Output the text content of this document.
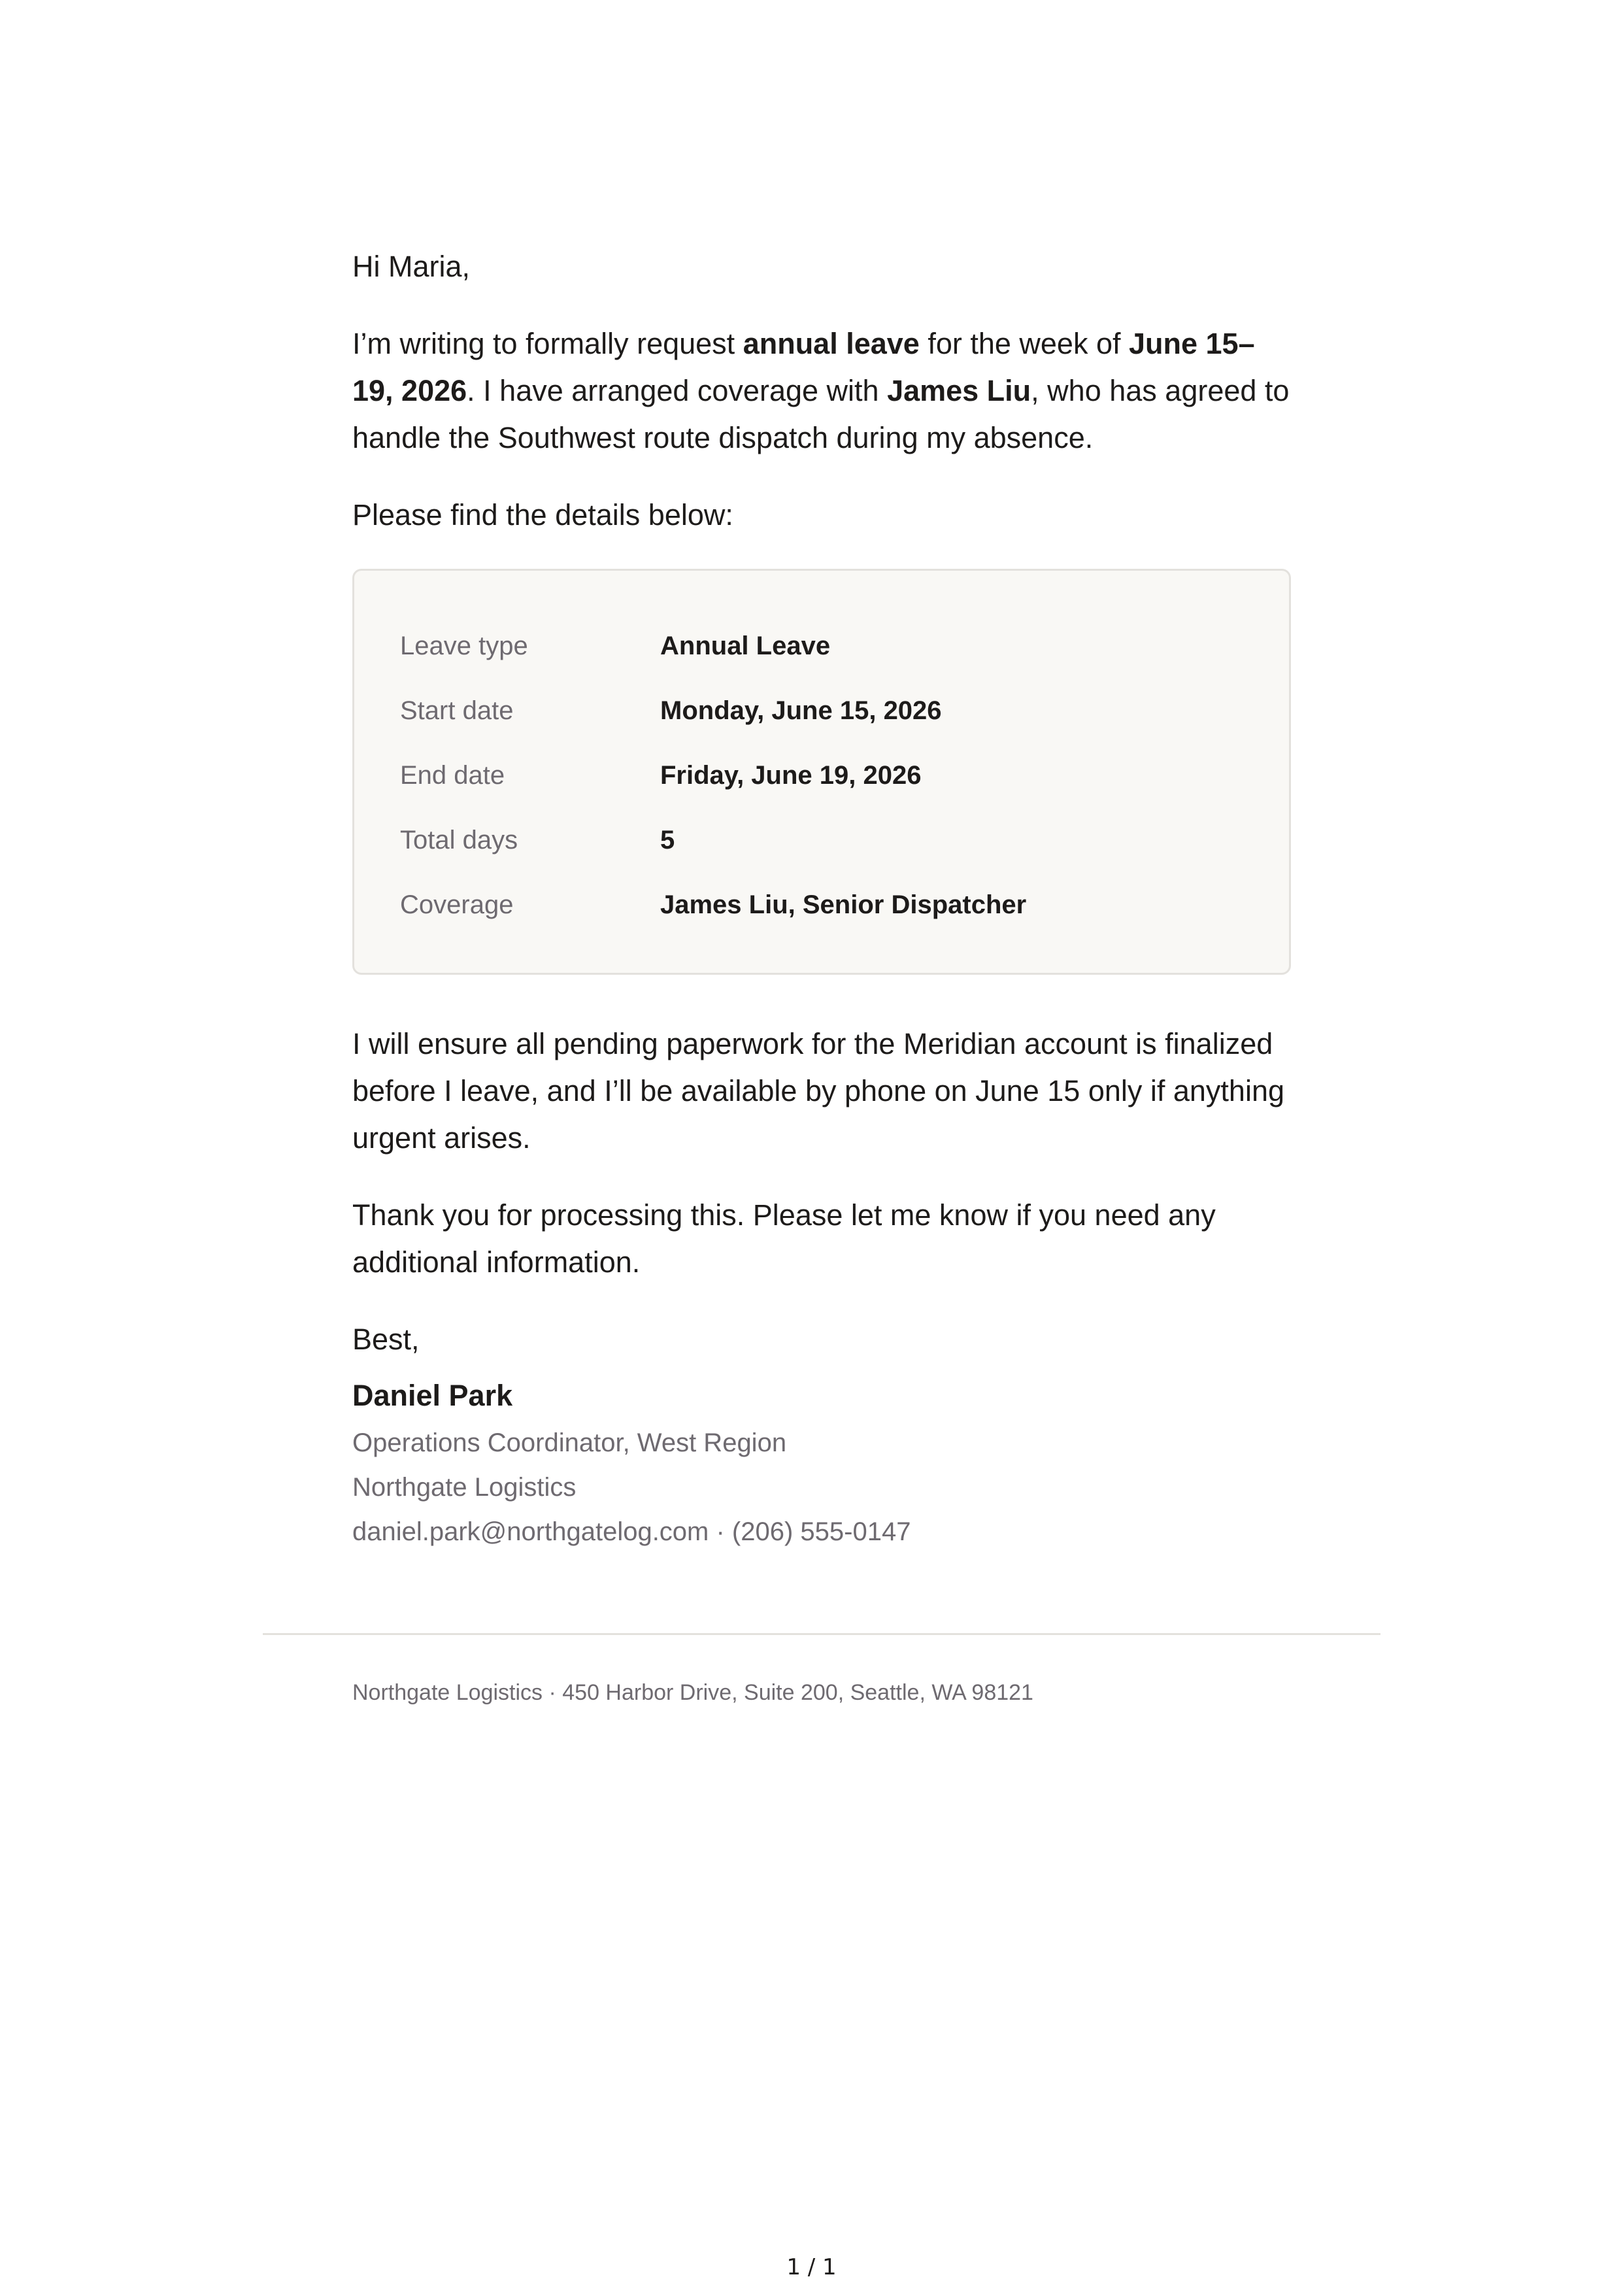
Hi Maria,

I’m writing to formally request annual leave for the week of June 15–19, 2026. I have arranged coverage with James Liu, who has agreed to handle the Southwest route dispatch during my absence.

Please find the details below:

Leave type	Annual Leave
Start date	Monday, June 15, 2026
End date	Friday, June 19, 2026
Total days	5
Coverage	James Liu, Senior Dispatcher

I will ensure all pending paperwork for the Meridian account is finalized before I leave, and I’ll be available by phone on June 15 only if anything urgent arises.

Thank you for processing this. Please let me know if you need any additional information.

Best,
Daniel Park
Operations Coordinator, West Region
Northgate Logistics
daniel.park@northgatelog.com · (206) 555-0147
Northgate Logistics · 450 Harbor Drive, Suite 200, Seattle, WA 98121
1 / 1
